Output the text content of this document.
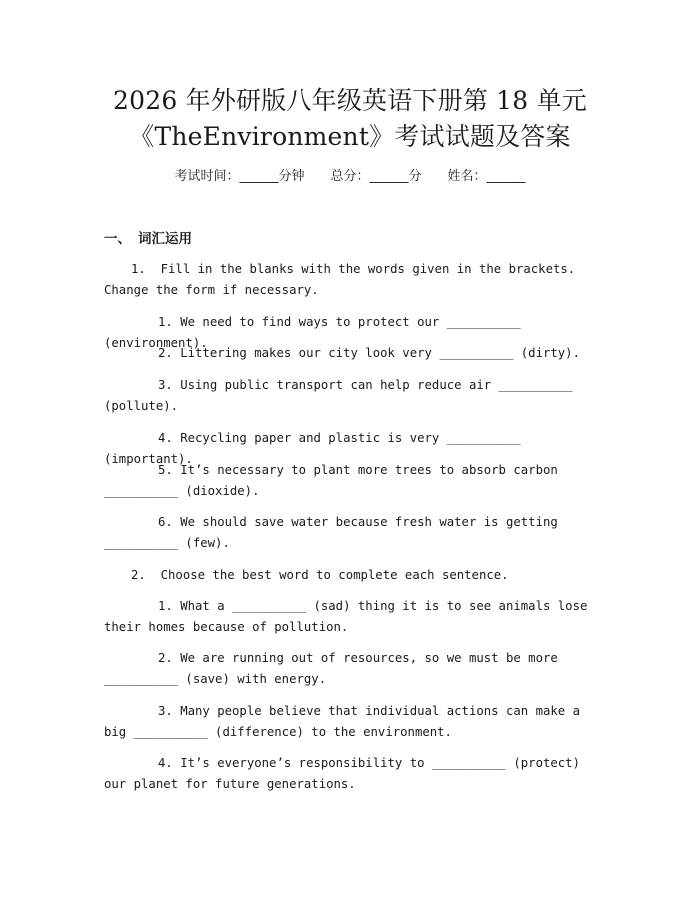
2026 年外研版八年级英语下册第 18 单元
《TheEnvironment》考试试题及答案
考试时间：______分钟 总分：______分 姓名：______
一、 词汇运用
1.  Fill in the blanks with the words given in the brackets. Change the form if necessary.
1. We need to find ways to protect our __________ (environment).
2. Littering makes our city look very __________ (dirty).
3. Using public transport can help reduce air __________ (pollute).
4. Recycling paper and plastic is very __________ (important).
5. It’s necessary to plant more trees to absorb carbon __________ (dioxide).
6. We should save water because fresh water is getting __________ (few).
2.  Choose the best word to complete each sentence.
1. What a __________ (sad) thing it is to see animals lose their homes because of pollution.
2. We are running out of resources, so we must be more __________ (save) with energy.
3. Many people believe that individual actions can make a big __________ (difference) to the environment.
4. It’s everyone’s responsibility to __________ (protect) our planet for future generations.
